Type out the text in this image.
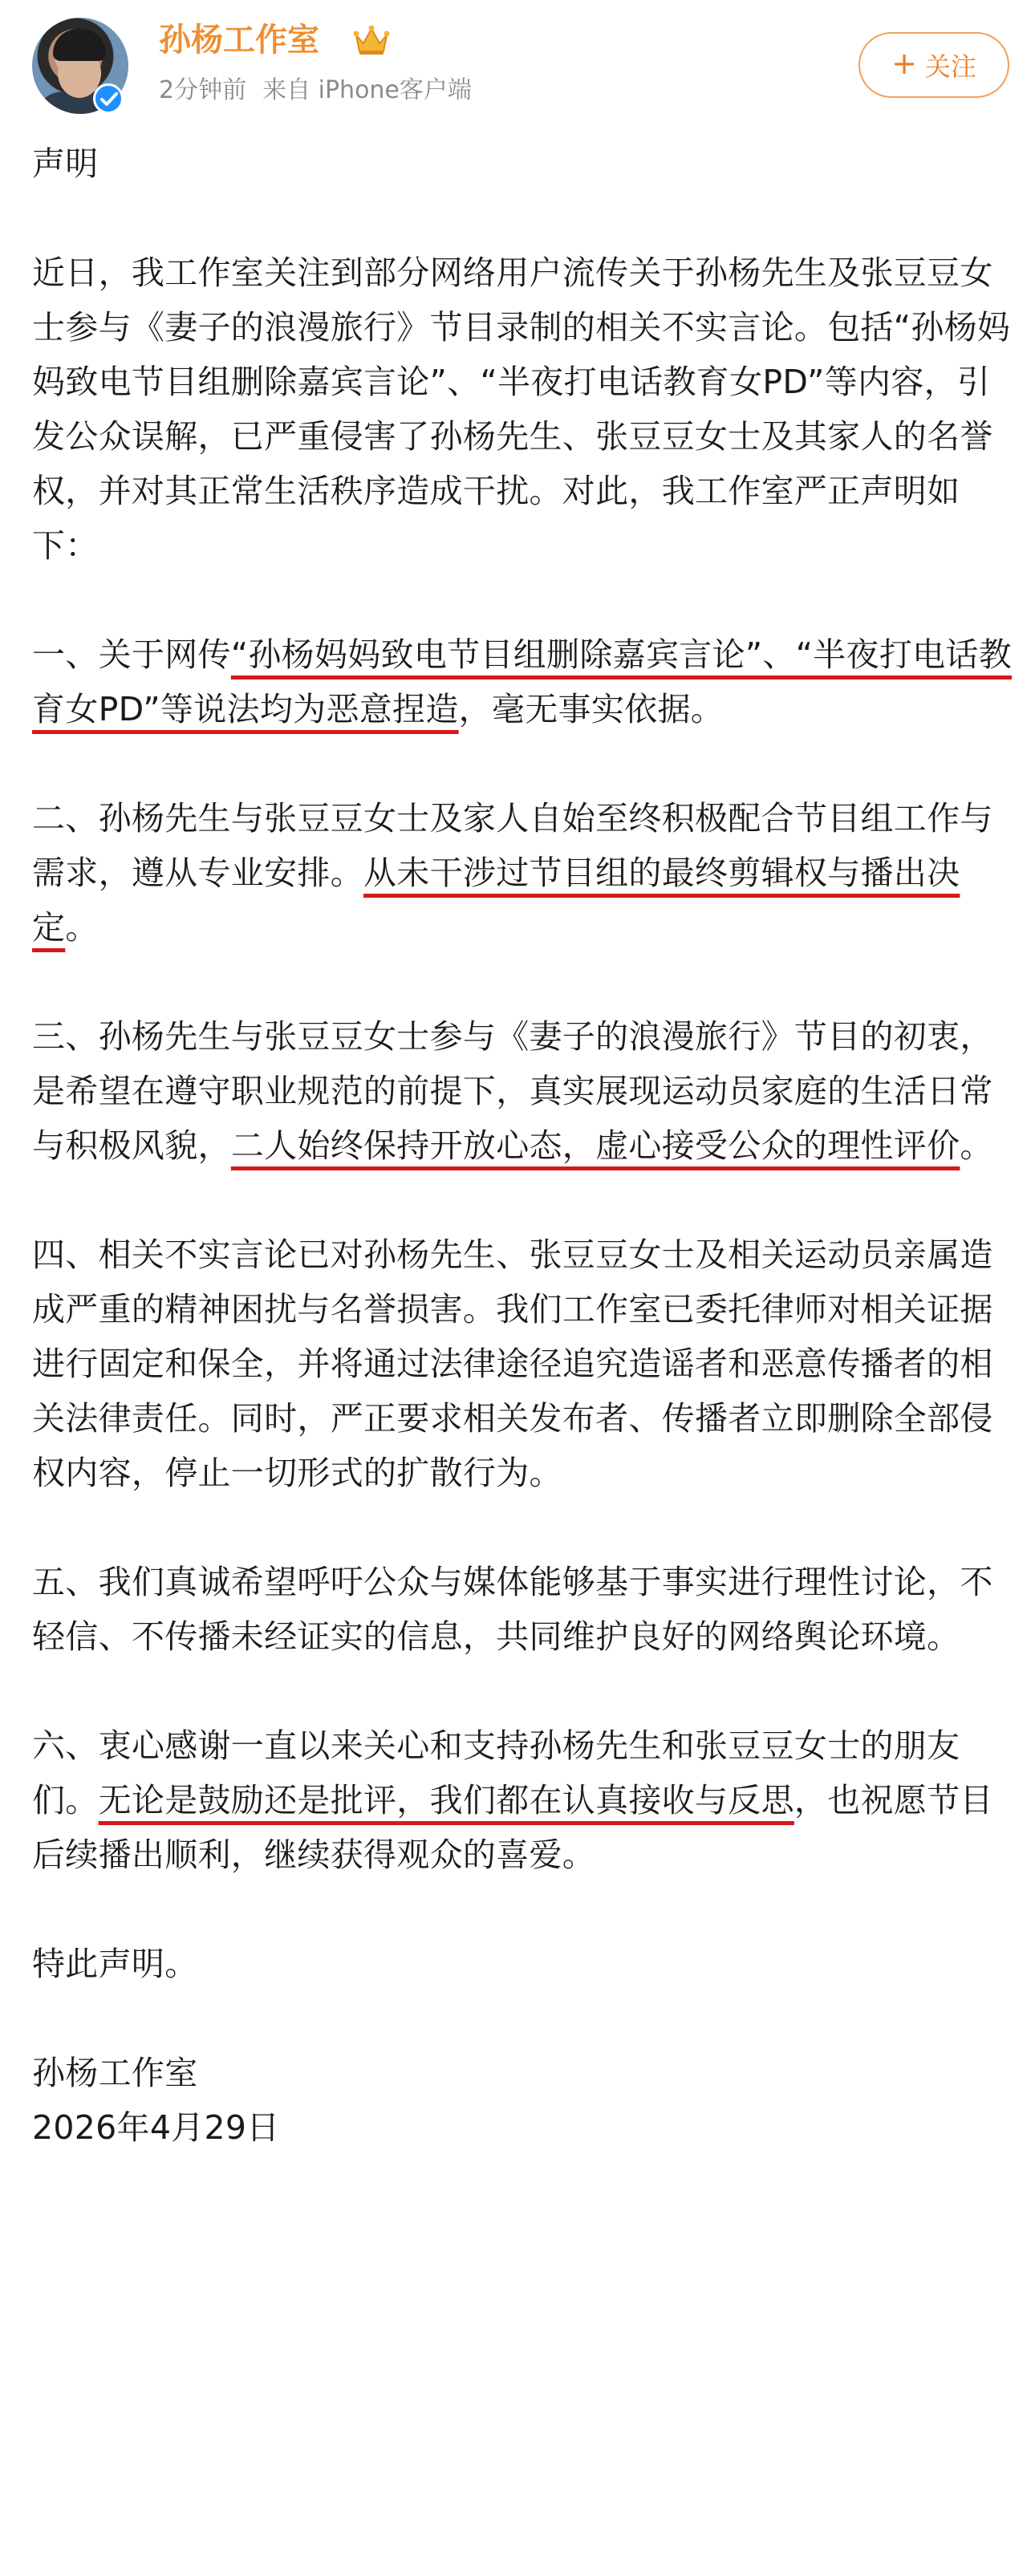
孙杨工作室
2分钟前 来自 iPhone客户端
+ 关注

声明

近日，我工作室关注到部分网络用户流传关于孙杨先生及张豆豆女士参与《妻子的浪漫旅行》节目录制的相关不实言论。包括“孙杨妈妈致电节目组删除嘉宾言论”、“半夜打电话教育女PD”等内容，引发公众误解，已严重侵害了孙杨先生、张豆豆女士及其家人的名誉权，并对其正常生活秩序造成干扰。对此，我工作室严正声明如下：

一、关于网传“孙杨妈妈致电节目组删除嘉宾言论”、“半夜打电话教育女PD”等说法均为恶意捏造，毫无事实依据。

二、孙杨先生与张豆豆女士及家人自始至终积极配合节目组工作与需求，遵从专业安排。从未干涉过节目组的最终剪辑权与播出决定。

三、孙杨先生与张豆豆女士参与《妻子的浪漫旅行》节目的初衷，是希望在遵守职业规范的前提下，真实展现运动员家庭的生活日常与积极风貌，二人始终保持开放心态，虚心接受公众的理性评价。

四、相关不实言论已对孙杨先生、张豆豆女士及相关运动员亲属造成严重的精神困扰与名誉损害。我们工作室已委托律师对相关证据进行固定和保全，并将通过法律途径追究造谣者和恶意传播者的相关法律责任。同时，严正要求相关发布者、传播者立即删除全部侵权内容，停止一切形式的扩散行为。

五、我们真诚希望呼吁公众与媒体能够基于事实进行理性讨论，不轻信、不传播未经证实的信息，共同维护良好的网络舆论环境。

六、衷心感谢一直以来关心和支持孙杨先生和张豆豆女士的朋友们。无论是鼓励还是批评，我们都在认真接收与反思，也祝愿节目后续播出顺利，继续获得观众的喜爱。

特此声明。

孙杨工作室
2026年4月29日
